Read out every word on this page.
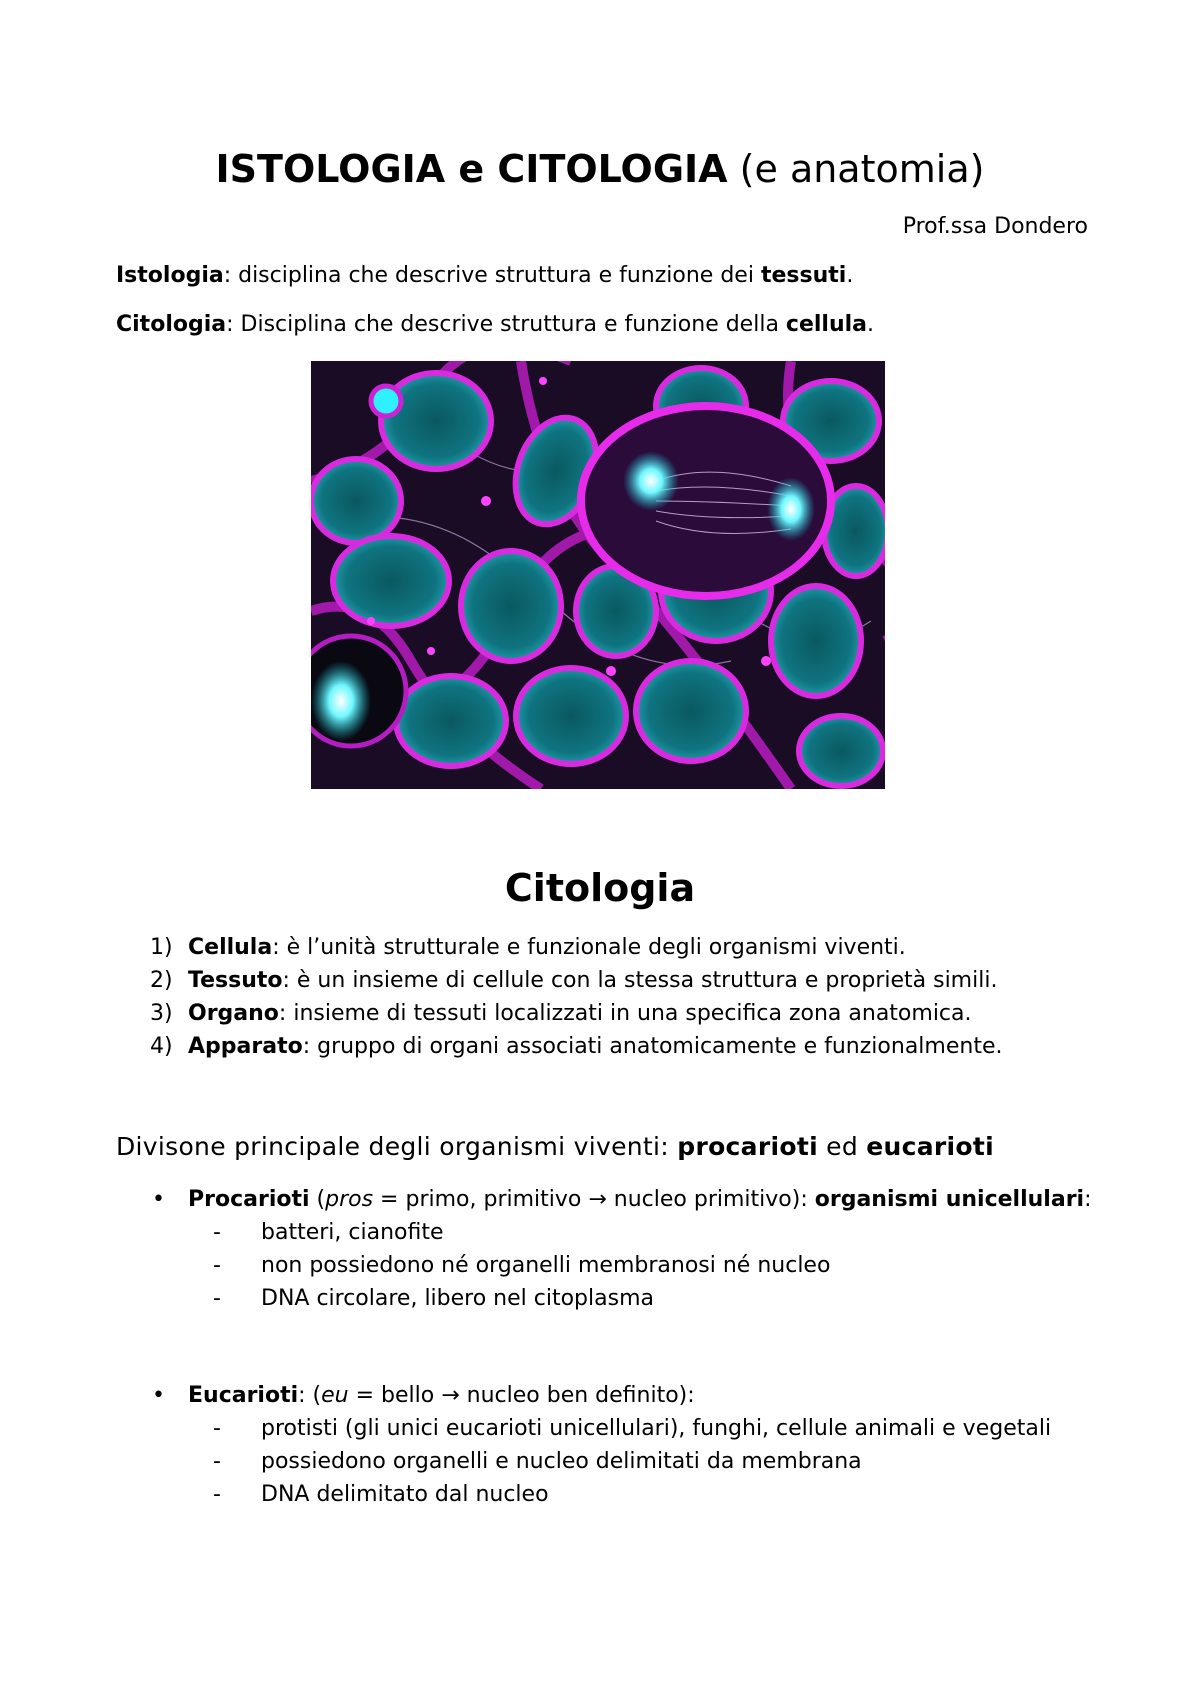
ISTOLOGIA e CITOLOGIA (e anatomia)
Prof.ssa Dondero
Istologia: disciplina che descrive struttura e funzione dei tessuti.
Citologia: Disciplina che descrive struttura e funzione della cellula.
Citologia
1) Cellula: è l’unità strutturale e funzionale degli organismi viventi.
2) Tessuto: è un insieme di cellule con la stessa struttura e proprietà simili.
3) Organo: insieme di tessuti localizzati in una specifica zona anatomica.
4) Apparato: gruppo di organi associati anatomicamente e funzionalmente.
Divisone principale degli organismi viventi: procarioti ed eucarioti
• Procarioti (pros = primo, primitivo → nucleo primitivo): organismi unicellulari:
- batteri, cianofite
- non possiedono né organelli membranosi né nucleo
- DNA circolare, libero nel citoplasma
• Eucarioti: (eu = bello → nucleo ben definito):
- protisti (gli unici eucarioti unicellulari), funghi, cellule animali e vegetali
- possiedono organelli e nucleo delimitati da membrana
- DNA delimitato dal nucleo
